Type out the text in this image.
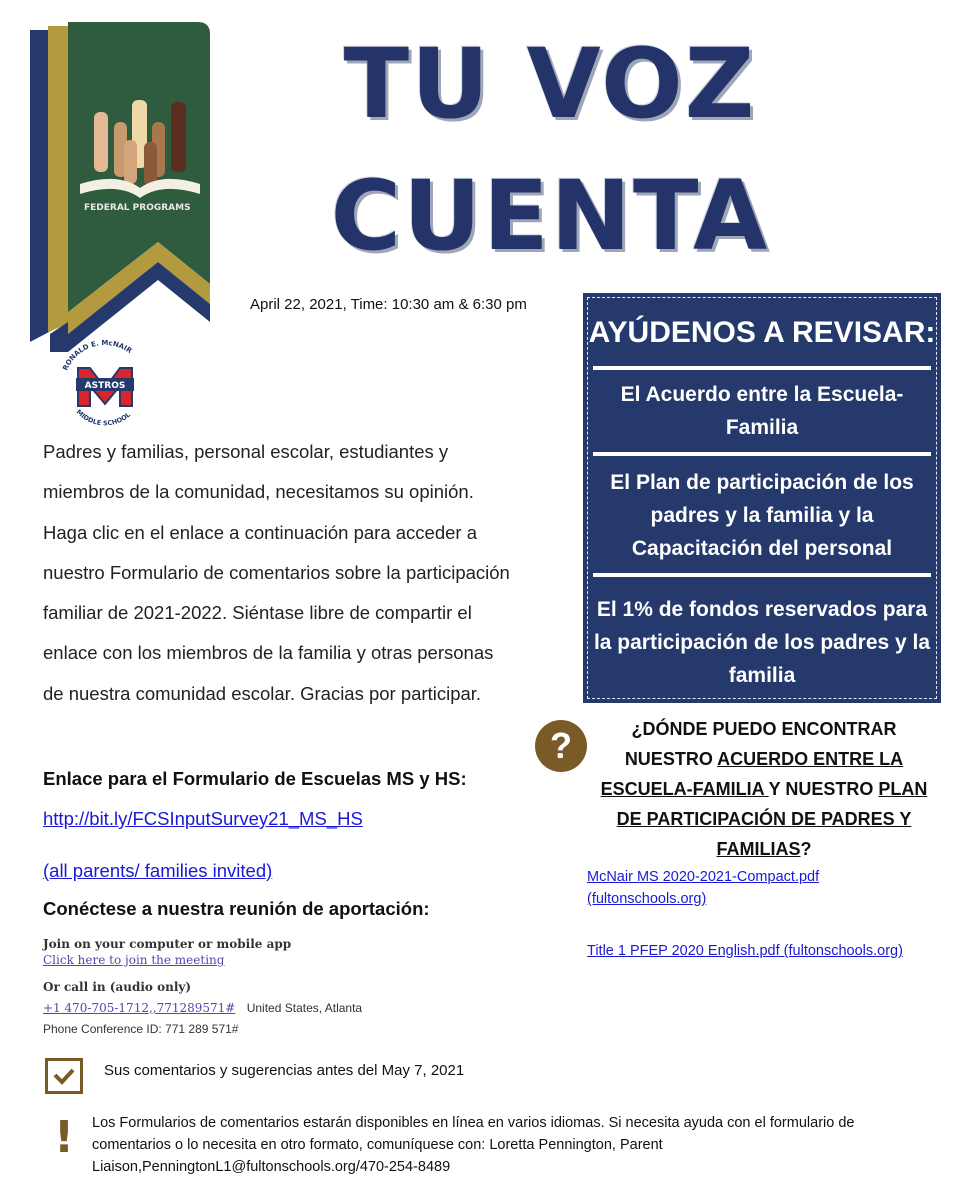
FEDERAL PROGRAMS
TU VOZ
CUENTA
April 22, 2021, Time: 10:30 am & 6:30 pm
RONALD E. McNAIR
ASTROS
MIDDLE SCHOOL
Padres y familias, personal escolar, estudiantes y miembros de la comunidad, necesitamos su opinión. Haga clic en el enlace a continuación para acceder a nuestro Formulario de comentarios sobre la participación familiar de 2021-2022. Siéntase libre de compartir el enlace con los miembros de la familia y otras personas de nuestra comunidad escolar. Gracias por participar.
Enlace para el Formulario de Escuelas MS y HS:
http://bit.ly/FCSInputSurvey21_MS_HS
(all parents/ families invited)
Conéctese a nuestra reunión de aportación:
Join on your computer or mobile app
Click here to join the meeting
Or call in (audio only)
+1 470-705-1712,,771289571# United States, Atlanta
Phone Conference ID: 771 289 571#
Sus comentarios y sugerencias antes del May 7, 2021
! Los Formularios de comentarios estarán disponibles en línea en varios idiomas. Si necesita ayuda con el formulario de comentarios o lo necesita en otro formato, comuníquese con: Loretta Pennington, Parent Liaison,PenningtonL1@fultonschools.org/470-254-8489
AYÚDENOS A REVISAR:
El Acuerdo entre la Escuela-Familia
El Plan de participación de los padres y la familia y la Capacitación del personal
El 1% de fondos reservados para la participación de los padres y la familia
?	¿DÓNDE PUEDO ENCONTRAR NUESTRO ACUERDO ENTRE LA ESCUELA-FAMILIA Y NUESTRO PLAN DE PARTICIPACIÓN DE PADRES Y FAMILIAS?
McNair MS 2020-2021-Compact.pdf (fultonschools.org)
Title 1 PFEP 2020 English.pdf (fultonschools.org)
